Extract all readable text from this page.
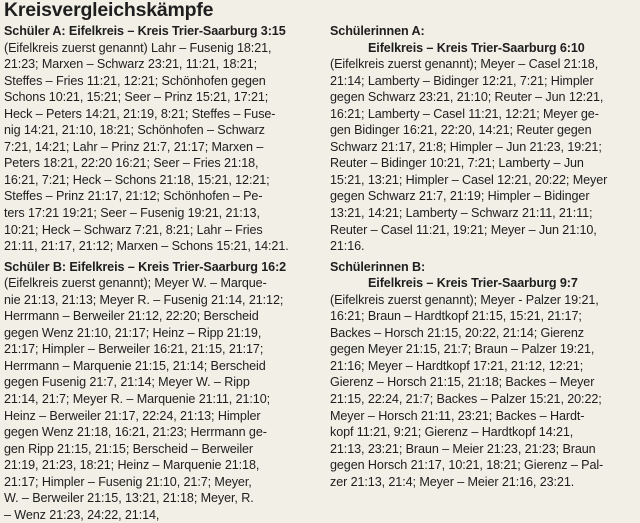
Kreisvergleichskämpfe

Schüler A: Eifelkreis – Kreis Trier-Saarburg 3:15

(Eifelkreis zuerst genannt) Lahr – Fusenig 18:21,

21:23; Marxen – Schwarz 23:21, 11:21, 18:21;

Steffes – Fries 11:21, 12:21; Schönhofen gegen

Schons 10:21, 15:21; Seer – Prinz 15:21, 17:21;

Heck – Peters 14:21, 21:19, 8:21; Steffes – Fuse-

nig 14:21, 21:10, 18:21; Schönhofen – Schwarz

7:21, 14:21; Lahr – Prinz 21:7, 21:17; Marxen –

Peters 18:21, 22:20 16:21; Seer – Fries 21:18,

16:21, 7:21; Heck – Schons 21:18, 15:21, 12:21;

Steffes – Prinz 21:17, 21:12; Schönhofen – Pe-

ters 17:21 19:21; Seer – Fusenig 19:21, 21:13,

10:21; Heck – Schwarz 7:21, 8:21; Lahr – Fries

21:11, 21:17, 21:12; Marxen – Schons 15:21, 14:21.

Schüler B: Eifelkreis – Kreis Trier-Saarburg 16:2

(Eifelkreis zuerst genannt); Meyer W. – Marque-

nie 21:13, 21:13; Meyer R. – Fusenig 21:14, 21:12;

Herrmann – Berweiler 21:12, 22:20; Berscheid

gegen Wenz 21:10, 21:17; Heinz – Ripp 21:19,

21:17; Himpler – Berweiler 16:21, 21:15, 21:17;

Herrmann – Marquenie 21:15, 21:14; Berscheid

gegen Fusenig 21:7, 21:14; Meyer W. – Ripp

21:14, 21:7; Meyer R. – Marquenie 21:11, 21:10;

Heinz – Berweiler 21:17, 22:24, 21:13; Himpler

gegen Wenz 21:18, 16:21, 21:23; Herrmann ge-

gen Ripp 21:15, 21:15; Berscheid – Berweiler

21:19, 21:23, 18:21; Heinz – Marquenie 21:18,

21:17; Himpler – Fusenig 21:10, 21:7; Meyer,

W. – Berweiler 21:15, 13:21, 21:18; Meyer, R.

– Wenz 21:23, 24:22, 21:14,

Schülerinnen A:

Eifelkreis – Kreis Trier-Saarburg 6:10

(Eifelkreis zuerst genannt); Meyer – Casel 21:18,

21:14; Lamberty – Bidinger 12:21, 7:21; Himpler

gegen Schwarz 23:21, 21:10; Reuter – Jun 12:21,

16:21; Lamberty – Casel 11:21, 12:21; Meyer ge-

gen Bidinger 16:21, 22:20, 14:21; Reuter gegen

Schwarz 21:17, 21:8; Himpler – Jun 21:23, 19:21;

Reuter – Bidinger 10:21, 7:21; Lamberty – Jun

15:21, 13:21; Himpler – Casel 12:21, 20:22; Meyer

gegen Schwarz 21:7, 21:19; Himpler – Bidinger

13:21, 14:21; Lamberty – Schwarz 21:11, 21:11;

Reuter – Casel 11:21, 19:21; Meyer – Jun 21:10,

21:16.

Schülerinnen B:

Eifelkreis – Kreis Trier-Saarburg 9:7

(Eifelkreis zuerst genannt); Meyer - Palzer 19:21,

16:21; Braun – Hardtkopf 21:15, 15:21, 21:17;

Backes – Horsch 21:15, 20:22, 21:14; Gierenz

gegen Meyer 21:15, 21:7; Braun – Palzer 19:21,

21:16; Meyer – Hardtkopf 17:21, 21:12, 12:21;

Gierenz – Horsch 21:15, 21:18; Backes – Meyer

21:15, 22:24, 21:7; Backes – Palzer 15:21, 20:22;

Meyer – Horsch 21:11, 23:21; Backes – Hardt-

kopf 11:21, 9:21; Gierenz – Hardtkopf 14:21,

21:13, 23:21; Braun – Meier 21:23, 21:23; Braun

gegen Horsch 21:17, 10:21, 18:21; Gierenz – Pal-

zer 21:13, 21:4; Meyer – Meier 21:16, 23:21.
